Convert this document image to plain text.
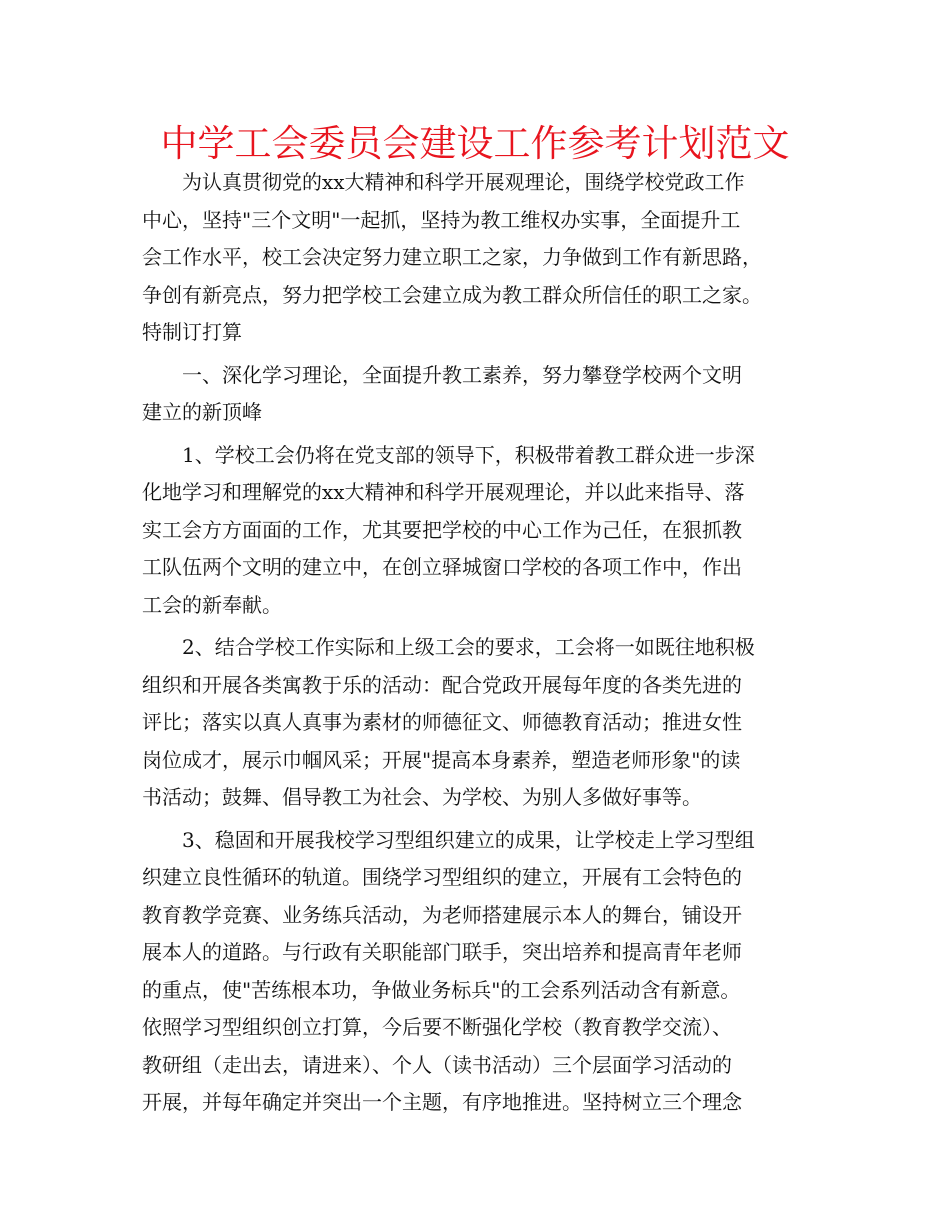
中学工会委员会建设工作参考计划范文
为认真贯彻党的xx大精神和科学开展观理论，围绕学校党政工作
中心，坚持"三个文明"一起抓，坚持为教工维权办实事，全面提升工
会工作水平，校工会决定努力建立职工之家，力争做到工作有新思路，
争创有新亮点，努力把学校工会建立成为教工群众所信任的职工之家。
特制订打算
一、深化学习理论，全面提升教工素养，努力攀登学校两个文明
建立的新顶峰
1、学校工会仍将在党支部的领导下，积极带着教工群众进一步深
化地学习和理解党的xx大精神和科学开展观理论，并以此来指导、落
实工会方方面面的工作，尤其要把学校的中心工作为己任，在狠抓教
工队伍两个文明的建立中，在创立驿城窗口学校的各项工作中，作出
工会的新奉献。
2、结合学校工作实际和上级工会的要求，工会将一如既往地积极
组织和开展各类寓教于乐的活动：配合党政开展每年度的各类先进的
评比；落实以真人真事为素材的师德征文、师德教育活动；推进女性
岗位成才，展示巾帼风采；开展"提高本身素养，塑造老师形象"的读
书活动；鼓舞、倡导教工为社会、为学校、为别人多做好事等。
3、稳固和开展我校学习型组织建立的成果，让学校走上学习型组
织建立良性循环的轨道。围绕学习型组织的建立，开展有工会特色的
教育教学竞赛、业务练兵活动，为老师搭建展示本人的舞台，铺设开
展本人的道路。与行政有关职能部门联手，突出培养和提高青年老师
的重点，使"苦练根本功，争做业务标兵"的工会系列活动含有新意。
依照学习型组织创立打算，今后要不断强化学校（教育教学交流）、
教研组（走出去，请进来）、个人（读书活动）三个层面学习活动的
开展，并每年确定并突出一个主题，有序地推进。坚持树立三个理念
